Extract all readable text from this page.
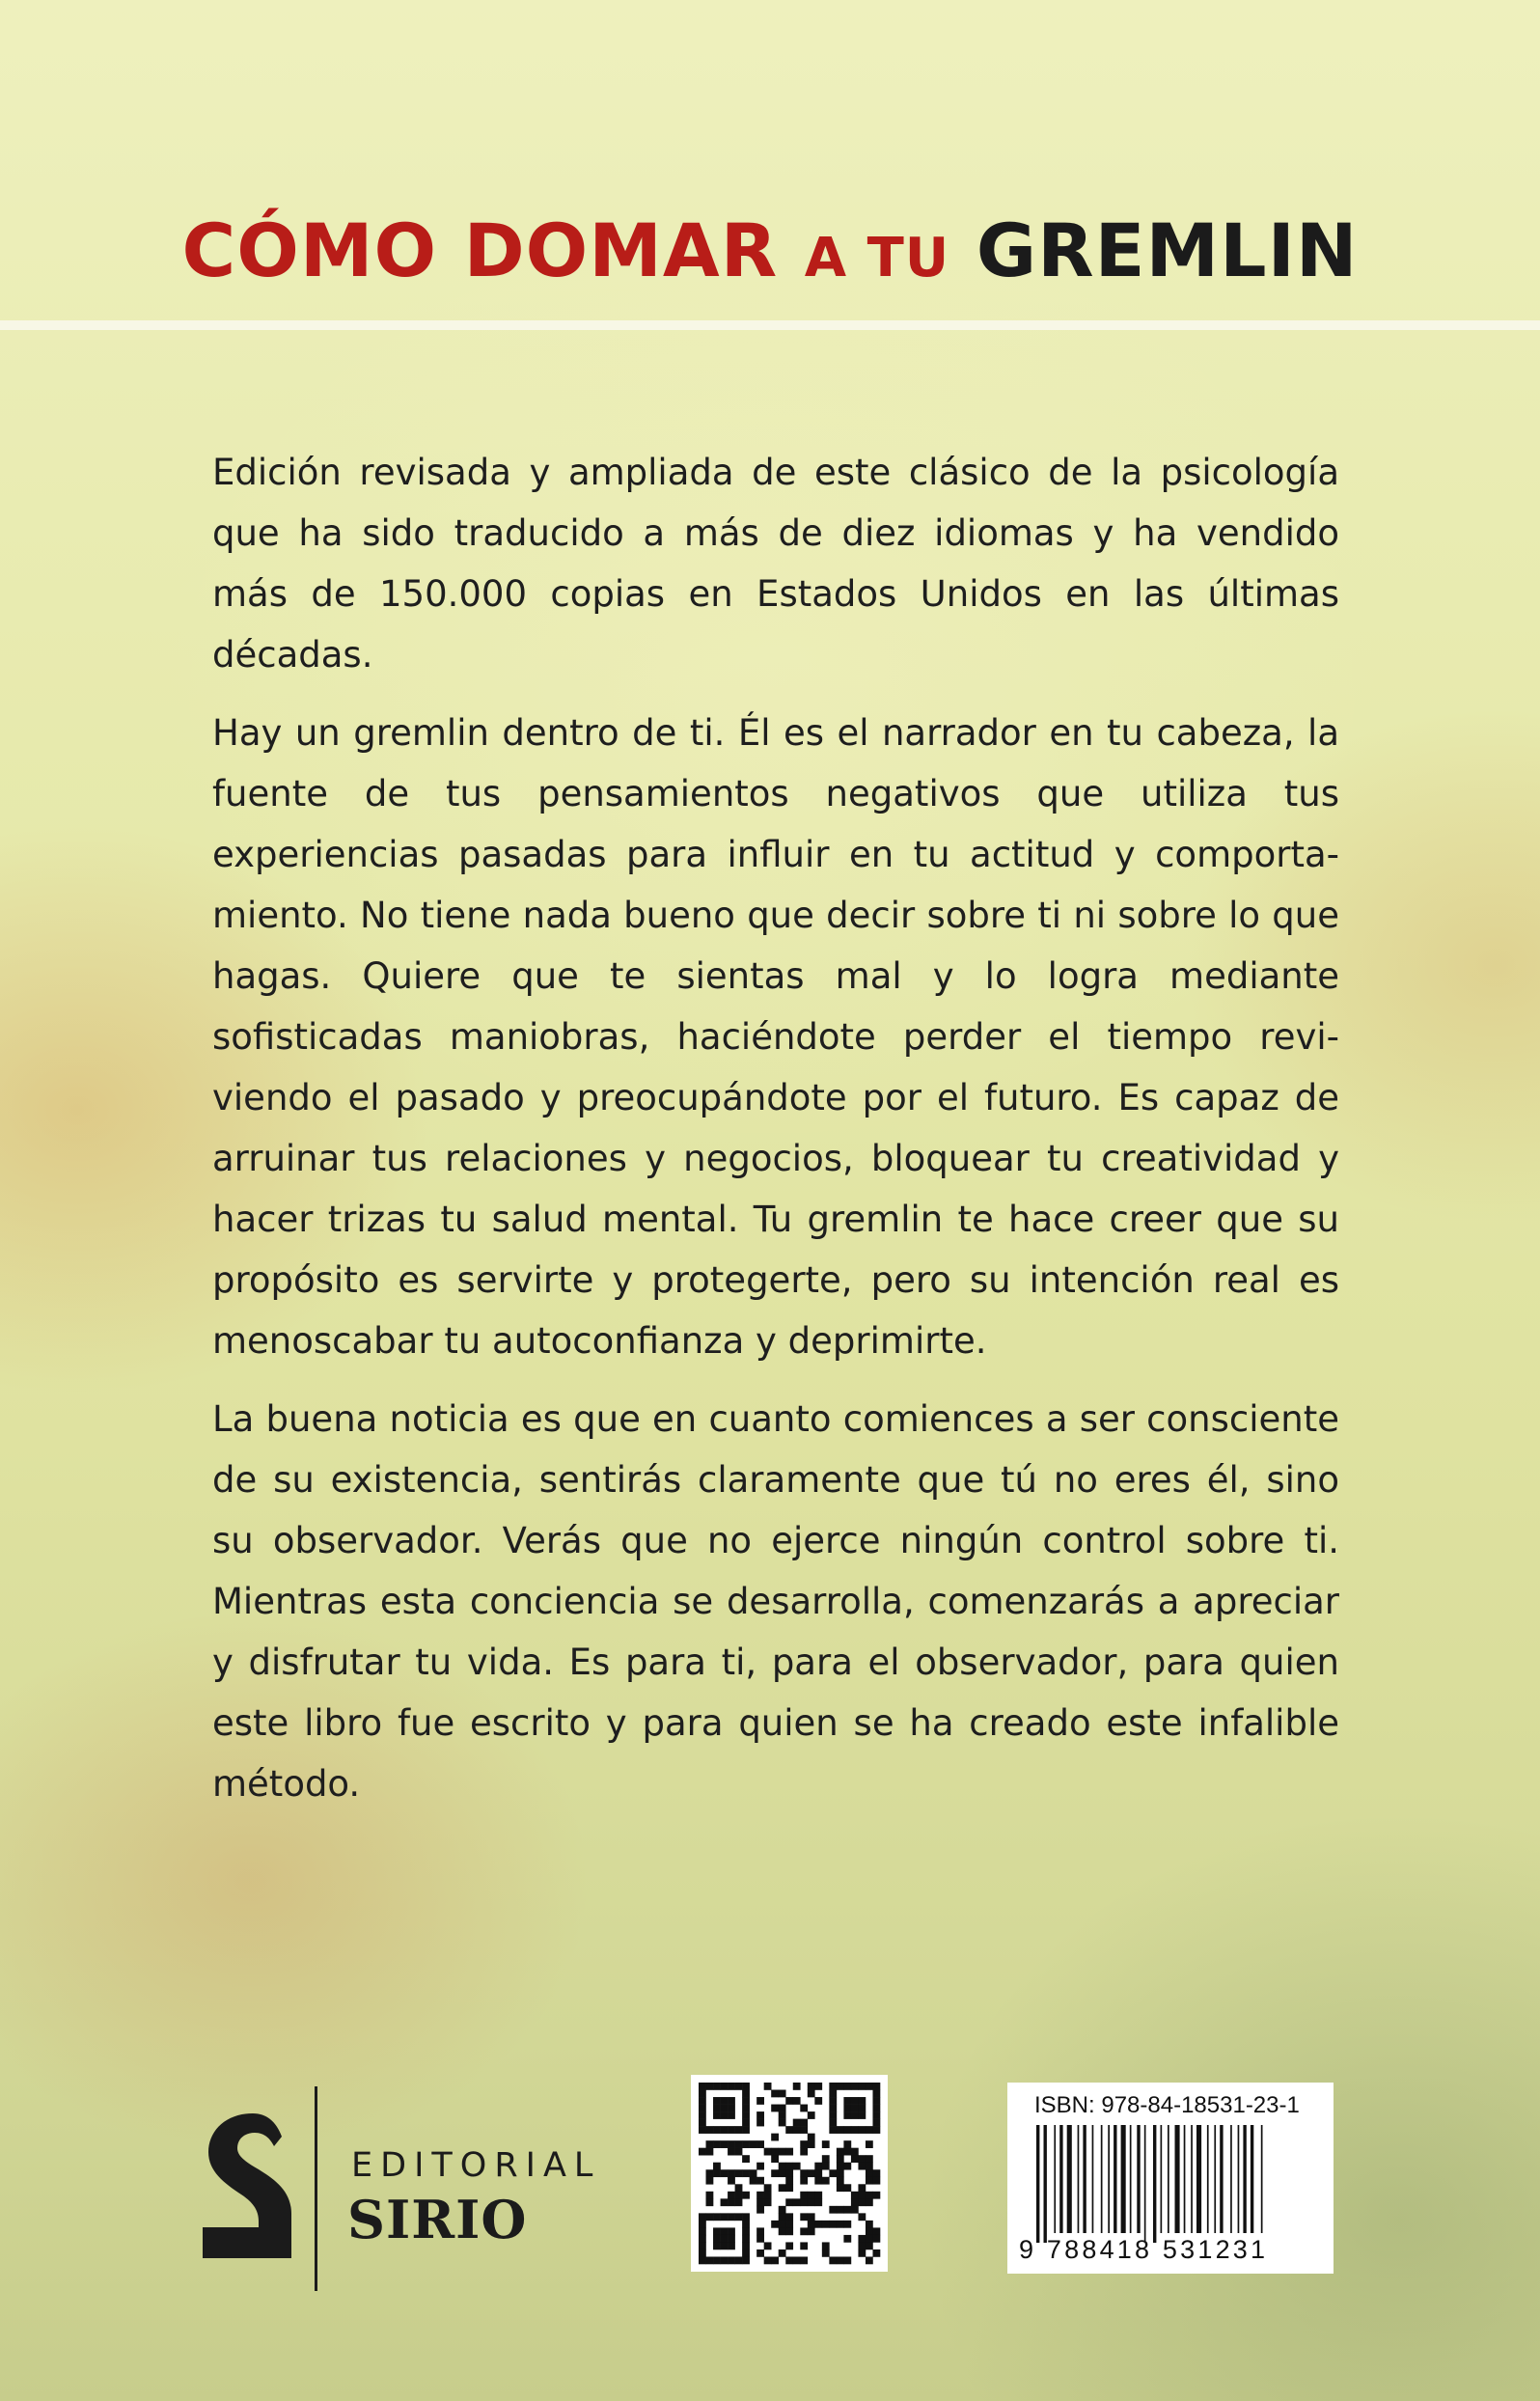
CÓMO DOMAR A TU GREMLIN

Edición revisada y ampliada de este clásico de la psicología que ha sido traducido a más de diez idiomas y ha vendido más de 150.000 copias en Estados Unidos en las últimas décadas.

Hay un gremlin dentro de ti. Él es el narrador en tu cabeza, la fuente de tus pensamientos negativos que utiliza tus experiencias pasadas para influir en tu actitud y comportamiento. No tiene nada bueno que decir sobre ti ni sobre lo que hagas. Quiere que te sientas mal y lo logra mediante sofisticadas maniobras, haciéndote perder el tiempo reviviendo el pasado y preocupándote por el futuro. Es capaz de arruinar tus relaciones y negocios, bloquear tu creatividad y hacer trizas tu salud mental. Tu gremlin te hace creer que su propósito es servirte y protegerte, pero su intención real es menoscabar tu autoconfianza y deprimirte.

La buena noticia es que en cuanto comiences a ser consciente de su existencia, sentirás claramente que tú no eres él, sino su observador. Verás que no ejerce ningún control sobre ti. Mientras esta conciencia se desarrolla, comenzarás a apreciar y disfrutar tu vida. Es para ti, para el observador, para quien este libro fue escrito y para quien se ha creado este infalible método.

EDITORIAL
SIRIO
ISBN: 978-84-18531-23-1
9 788418 531231
